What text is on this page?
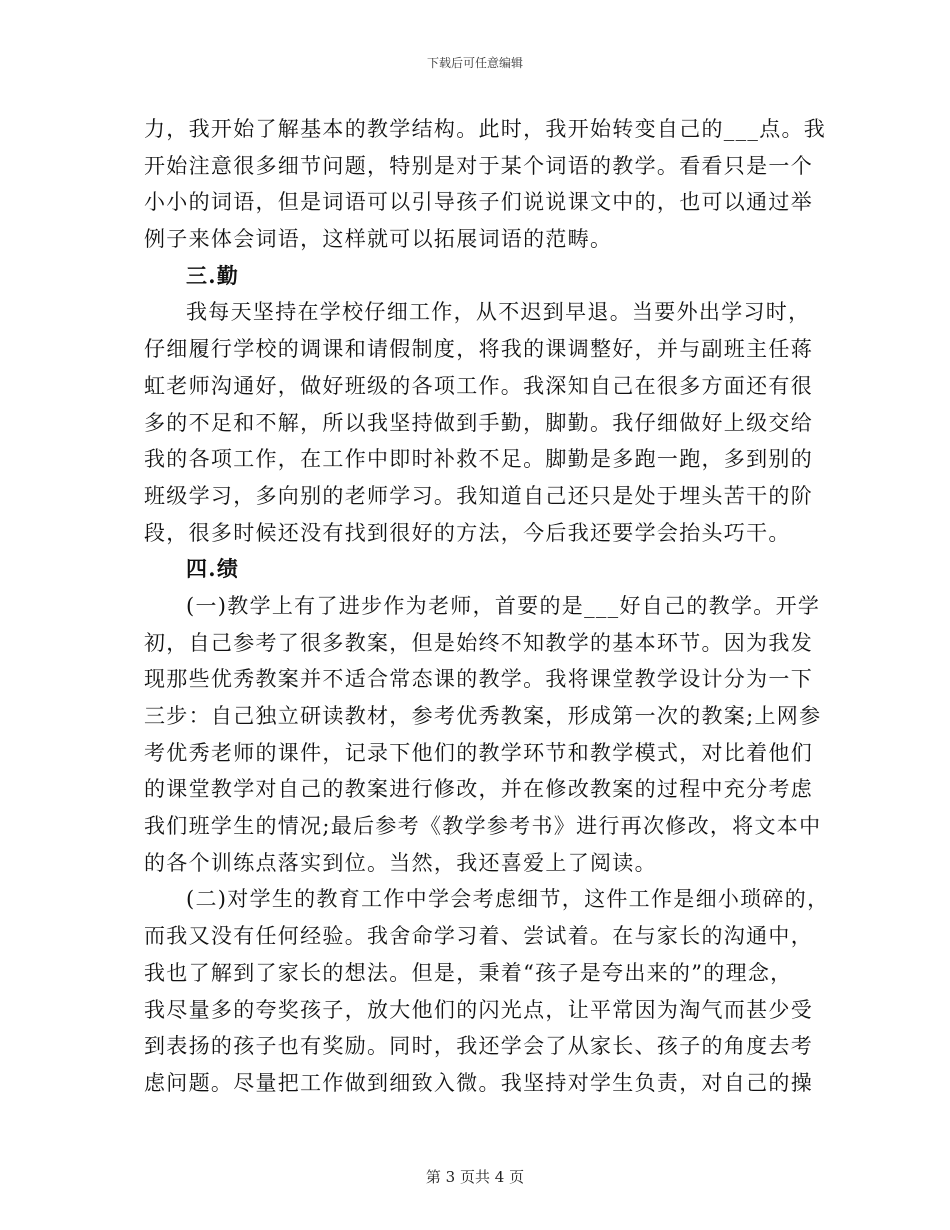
下载后可任意编辑
力，我开始了解基本的教学结构。此时，我开始转变自己的___点。我
开始注意很多细节问题，特别是对于某个词语的教学。看看只是一个
小小的词语，但是词语可以引导孩子们说说课文中的，也可以通过举
例子来体会词语，这样就可以拓展词语的范畴。
三.勤
我每天坚持在学校仔细工作，从不迟到早退。当要外出学习时，
仔细履行学校的调课和请假制度，将我的课调整好，并与副班主任蒋
虹老师沟通好，做好班级的各项工作。我深知自己在很多方面还有很
多的不足和不解，所以我坚持做到手勤，脚勤。我仔细做好上级交给
我的各项工作，在工作中即时补救不足。脚勤是多跑一跑，多到别的
班级学习，多向别的老师学习。我知道自己还只是处于埋头苦干的阶
段，很多时候还没有找到很好的方法，今后我还要学会抬头巧干。
四.绩
(一)教学上有了进步作为老师，首要的是___好自己的教学。开学
初，自己参考了很多教案，但是始终不知教学的基本环节。因为我发
现那些优秀教案并不适合常态课的教学。我将课堂教学设计分为一下
三步：自己独立研读教材，参考优秀教案，形成第一次的教案;上网参
考优秀老师的课件，记录下他们的教学环节和教学模式，对比着他们
的课堂教学对自己的教案进行修改，并在修改教案的过程中充分考虑
我们班学生的情况;最后参考《教学参考书》进行再次修改，将文本中
的各个训练点落实到位。当然，我还喜爱上了阅读。
(二)对学生的教育工作中学会考虑细节，这件工作是细小琐碎的，
而我又没有任何经验。我舍命学习着、尝试着。在与家长的沟通中，
我也了解到了家长的想法。但是，秉着“孩子是夸出来的”的理念，
我尽量多的夸奖孩子，放大他们的闪光点，让平常因为淘气而甚少受
到表扬的孩子也有奖励。同时，我还学会了从家长、孩子的角度去考
虑问题。尽量把工作做到细致入微。我坚持对学生负责，对自己的操
第 3 页共 4 页
